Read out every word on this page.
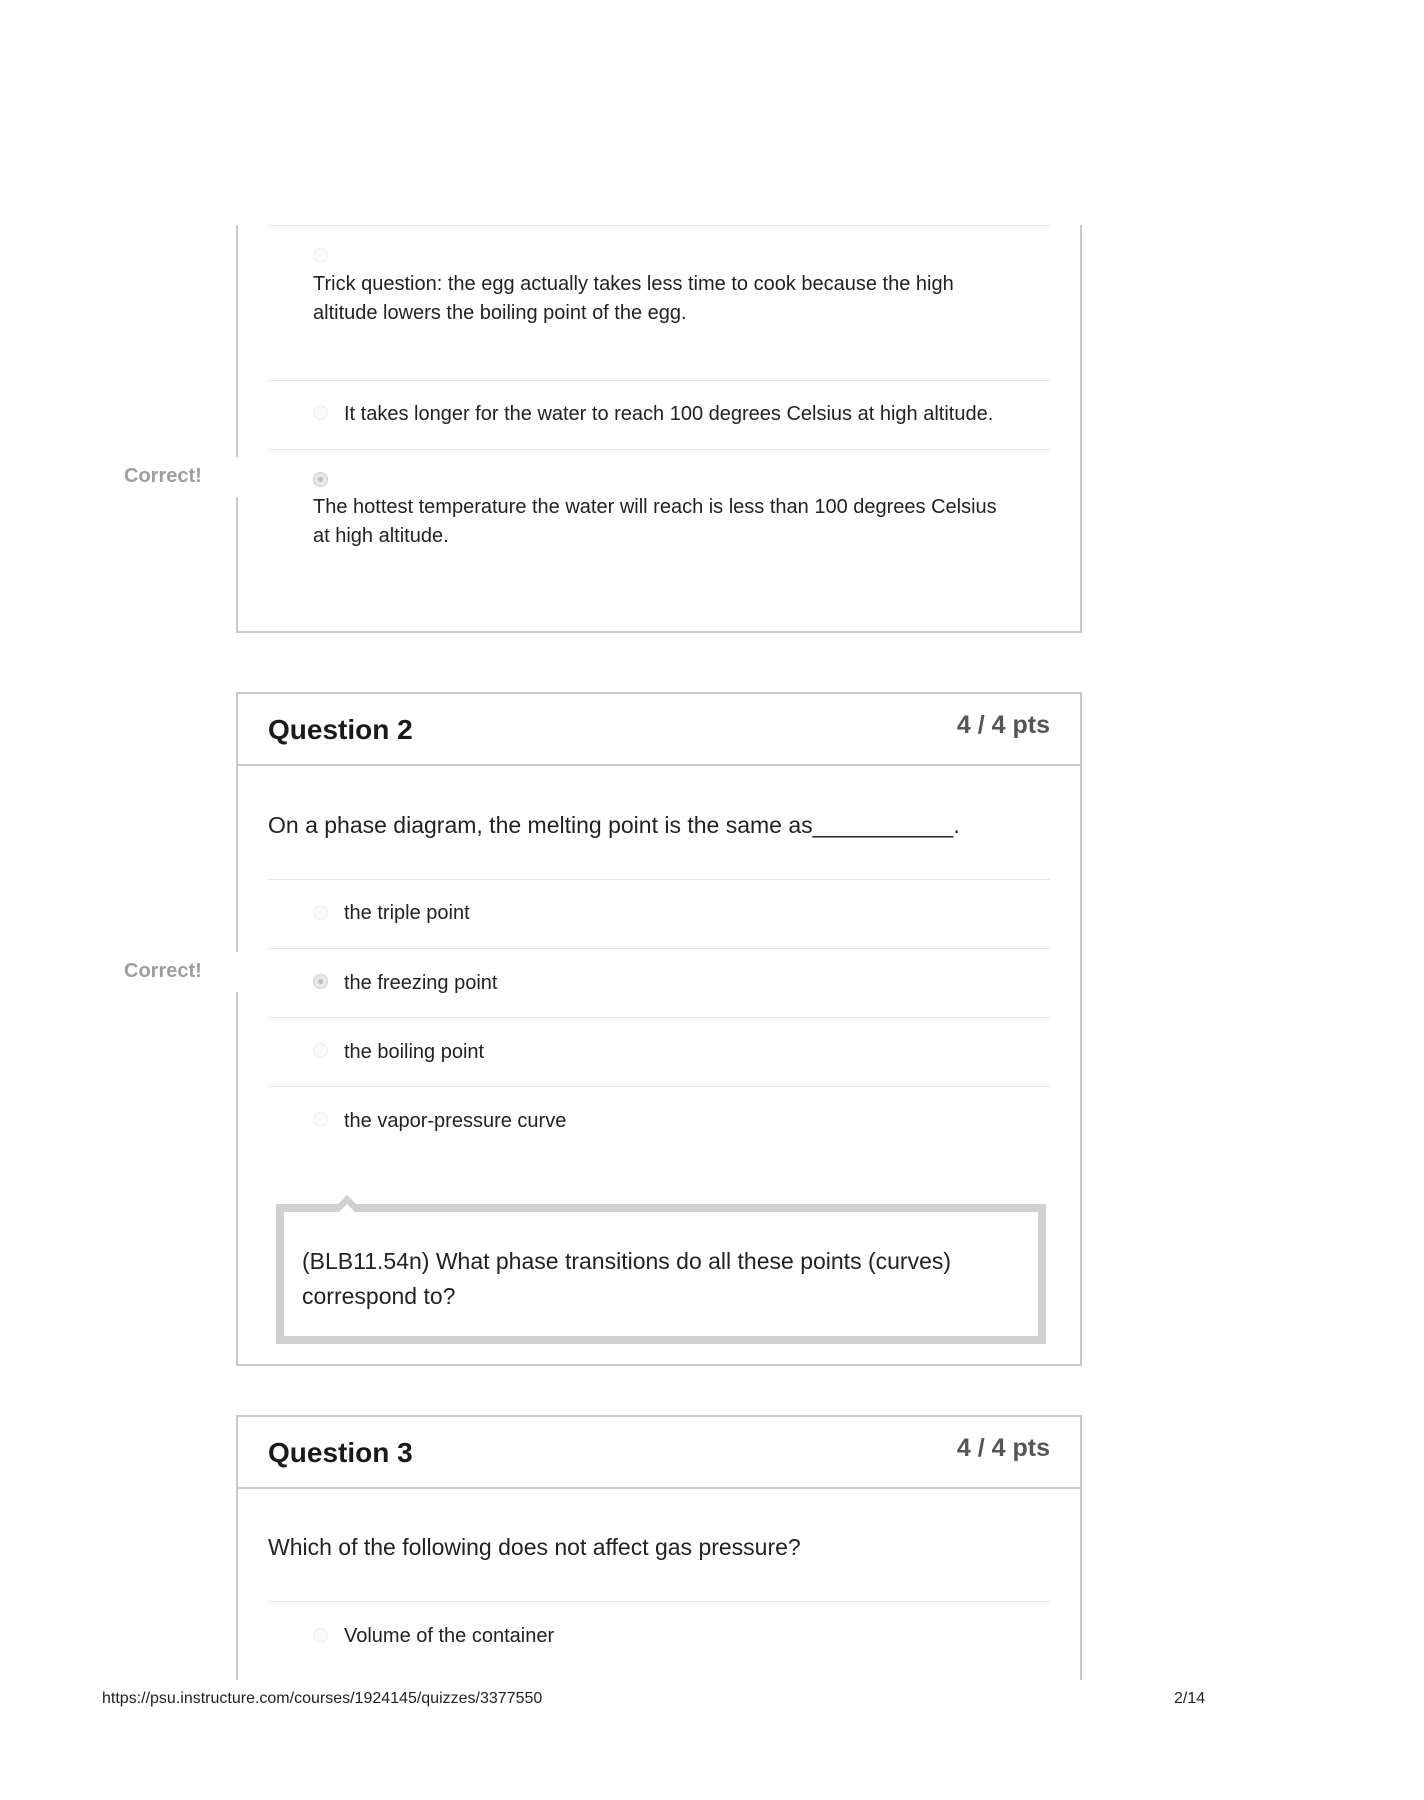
Trick question: the egg actually takes less time to cook because the high altitude lowers the boiling point of the egg.
It takes longer for the water to reach 100 degrees Celsius at high altitude.
The hottest temperature the water will reach is less than 100 degrees Celsius at high altitude.
Correct!
Question 2	4 / 4 pts
On a phase diagram, the melting point is the same as___________.
the triple point
the freezing point
the boiling point
the vapor-pressure curve
(BLB11.54n) What phase transitions do all these points (curves) correspond to?
Correct!
Question 3	4 / 4 pts
Which of the following does not affect gas pressure?
Volume of the container
https://psu.instructure.com/courses/1924145/quizzes/3377550	2/14
